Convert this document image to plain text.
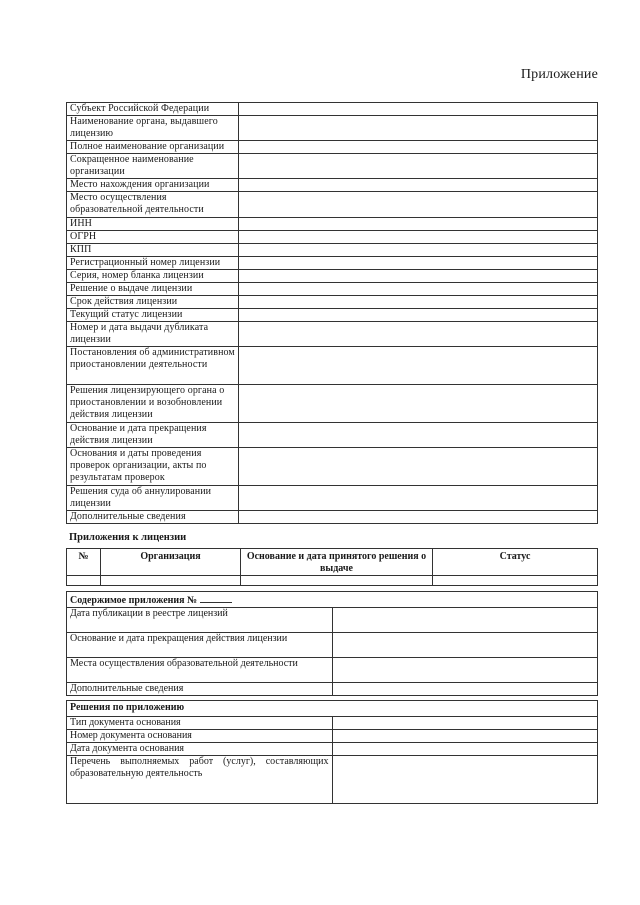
Приложение
Субъект Российской Федерации	
Наименование органа, выдавшего лицензию	
Полное наименование организации	
Сокращенное наименование организации	
Место нахождения организации	
Место осуществления образовательной деятельности	
ИНН	
ОГРН	
КПП	
Регистрационный номер лицензии	
Серия, номер бланка лицензии	
Решение о выдаче лицензии	
Срок действия лицензии	
Текущий статус лицензии	
Номер и дата выдачи дубликата лицензии	
Постановления об административном приостановлении деятельности	
Решения лицензирующего органа о приостановлении и возобновлении действия лицензии	
Основание и дата прекращения действия лицензии	
Основания и даты проведения проверок организации, акты по результатам проверок	
Решения суда об аннулировании лицензии	
Дополнительные сведения	
Приложения к лицензии
№	Организация	Основание и дата принятого решения о выдаче	Статус

Содержимое приложения №	
Дата публикации в реестре лицензий	
Основание и дата прекращения действия лицензии	
Места осуществления образовательной деятельности	
Дополнительные сведения	
Решения по приложению	
Тип документа основания	
Номер документа основания	
Дата документа основания	
Перечень выполняемых работ (услуг), составляющих образовательную деятельность	
